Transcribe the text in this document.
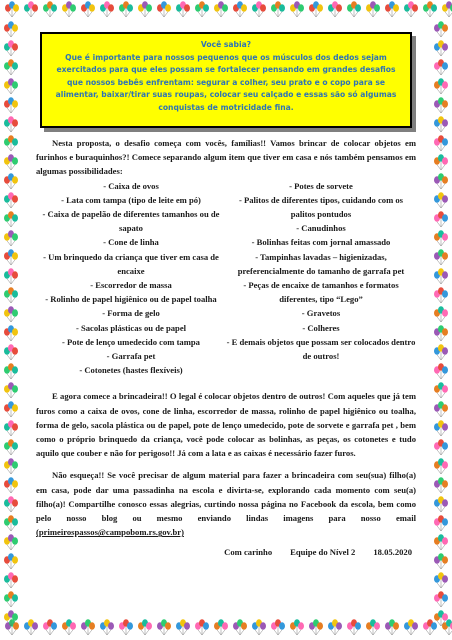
Você sabia?
Que é importante para nossos pequenos que os músculos dos dedos sejam exercitados para que eles possam se fortalecer pensando em grandes desafios que nossos bebês enfrentam: segurar a colher, seu prato e o copo para se alimentar, baixar/tirar suas roupas, colocar seu calçado e essas são só algumas conquistas de motricidade fina.

Nesta proposta, o desafio começa com vocês, famílias!! Vamos brincar de colocar objetos em furinhos e buraquinhos?! Comece separando algum item que tiver em casa e nós também pensamos em algumas possibilidades:

- Caixa de ovos
- Lata com tampa (tipo de leite em pó)
- Caixa de papelão de diferentes tamanhos ou de sapato
- Cone de linha
- Um brinquedo da criança que tiver em casa de encaixe
- Escorredor de massa
- Rolinho de papel higiênico ou de papel toalha
- Forma de gelo
- Sacolas plásticas ou de papel
- Pote de lenço umedecido com tampa
- Garrafa pet
- Cotonetes (hastes flexíveis)
- Potes de sorvete
- Palitos de diferentes tipos, cuidando com os palitos pontudos
- Canudinhos
- Bolinhas feitas com jornal amassado
- Tampinhas lavadas – higienizadas, preferencialmente do tamanho de garrafa pet
- Peças de encaixe de tamanhos e formatos diferentes, tipo “Lego”
- Gravetos
- Colheres
- E demais objetos que possam ser colocados dentro de outros!

E agora comece a brincadeira!! O legal é colocar objetos dentro de outros! Com aqueles que já tem furos como a caixa de ovos, cone de linha, escorredor de massa, rolinho de papel higiênico ou toalha, forma de gelo, sacola plástica ou de papel, pote de lenço umedecido, pote de sorvete e garrafa pet , bem como o próprio brinquedo da criança, você pode colocar as bolinhas, as peças, os cotonetes e tudo aquilo que couber e não for perigoso!! Já com a lata e as caixas é necessário fazer furos.

Não esqueça!! Se você precisar de algum material para fazer a brincadeira com seu(sua) filho(a) em casa, pode dar uma passadinha na escola e divirta-se, explorando cada momento com seu(a) filho(a)! Compartilhe conosco essas alegrias, curtindo nossa página no Facebook da escola, bem como pelo nosso blog ou mesmo enviando lindas imagens para nosso email (primeirospassos@campobom.rs.gov.br)

Com carinho Equipe do Nível 2 18.05.2020
